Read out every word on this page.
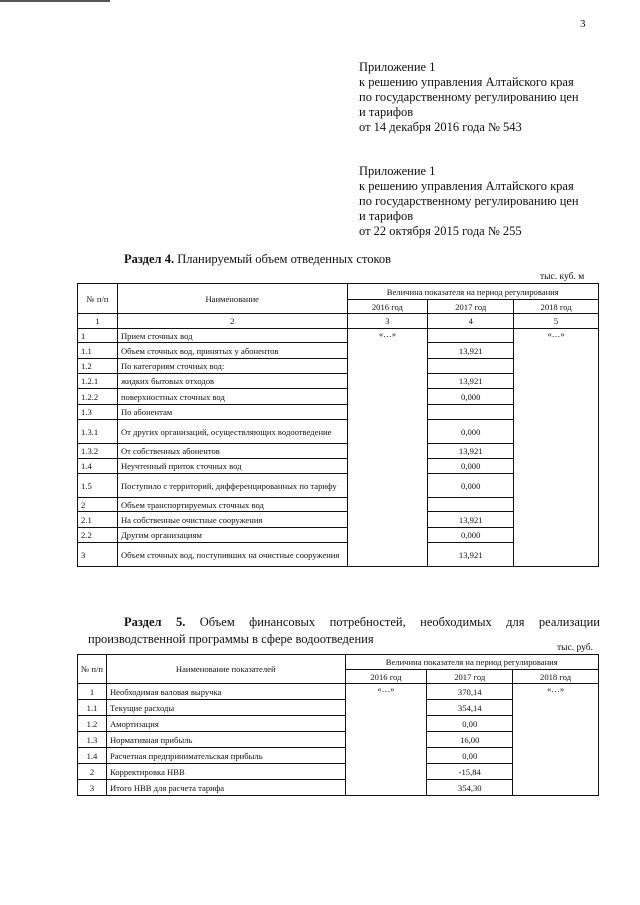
3
Приложение 1
к решению управления Алтайского края
по государственному регулированию цен
и тарифов
от 14 декабря 2016 года № 543
Приложение 1
к решению управления Алтайского края
по государственному регулированию цен
и тарифов
от 22 октября 2015 года № 255
Раздел 4. Планируемый объем отведенных стоков
тыс. куб. м
№ п/п	Наименование	Величина показателя на период регулирования		
		2016 год	2017 год	2018 год
1	2	3	4	5
1	Прием сточных вод	«…»		«…»
1.1	Объем сточных вод, принятых у абонентов		13,921	
1.2	По категориям сточных вод:			
1.2.1	жидких бытовых отходов		13,921	
1.2.2	поверхностных сточных вод		0,000	
1.3	По абонентам			
1.3.1	От других организаций, осуществляющих водоотведение		0,000	
1.3.2	От собственных абонентов		13,921	
1.4	Неучтенный приток сточных вод		0,000	
1.5	Поступило с территорий, дифференцированных по тарифу		0,000	
2	Объем транспортируемых сточных вод			
2.1	На собственные очистные сооружения		13,921	
2.2	Другим организациям		0,000	
3	Объем сточных вод, поступивших на очистные сооружения		13,921	
Раздел 5. Объем финансовых потребностей, необходимых для реализации производственной программы в сфере водоотведения
тыс. руб.
№ п/п	Наименование показателей	Величина показателя на период регулирования		
		2016 год	2017 год	2018 год
1	Необходимая валовая выручка	«…»	370,14	«…»
1.1	Текущие расходы		354,14	
1.2	Амортизация		0,00	
1.3	Нормативная прибыль		16,00	
1.4	Расчетная предпринимательская прибыль		0,00	
2	Корректировка НВВ		-15,84	
3	Итого НВВ для расчета тарифа		354,30	
